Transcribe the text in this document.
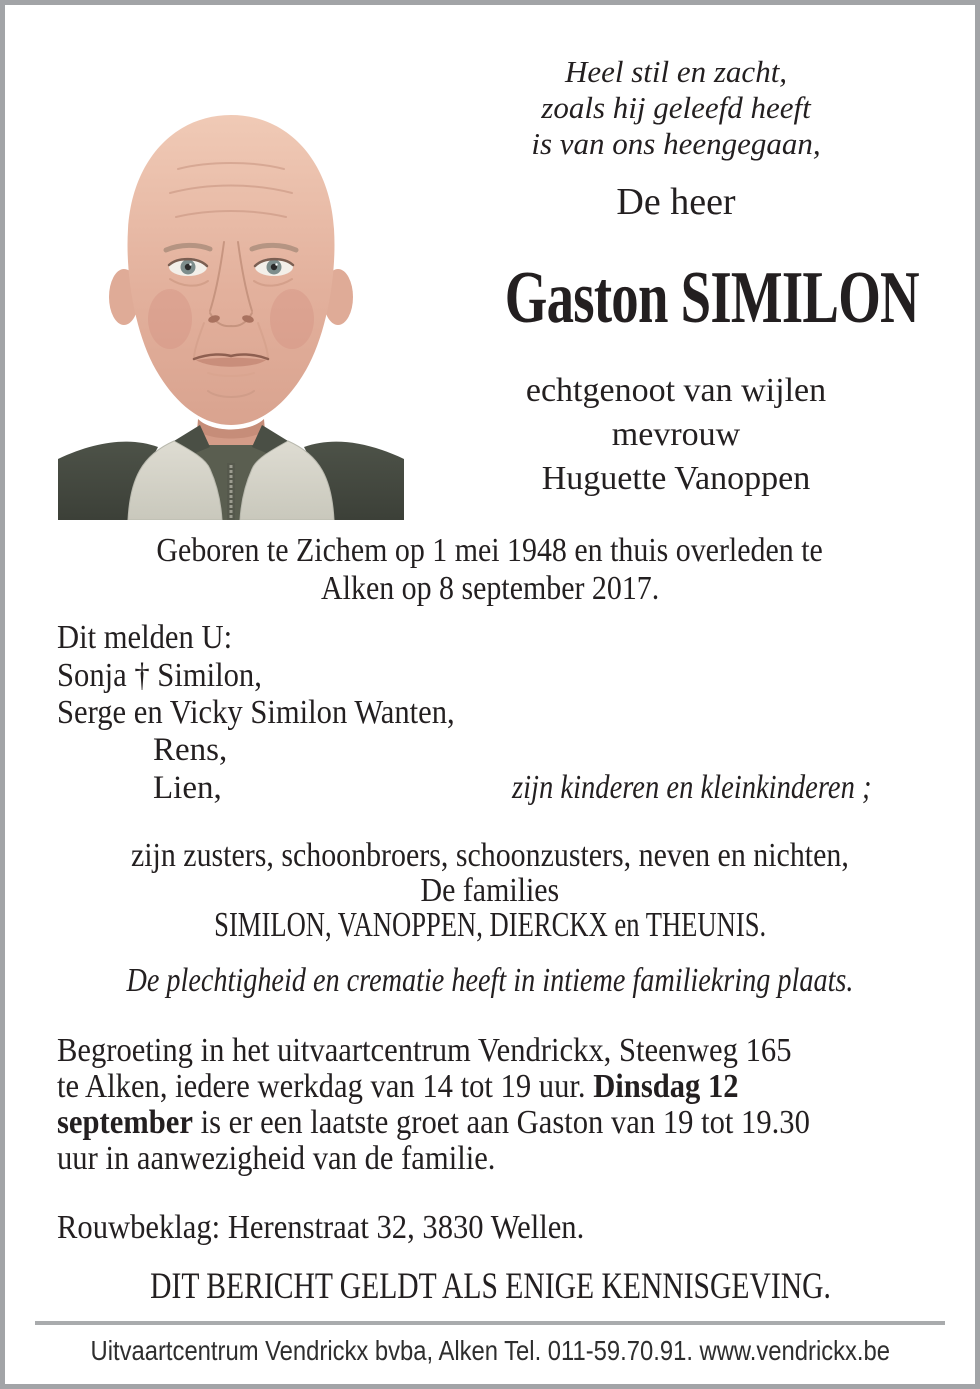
Heel stil en zacht,
zoals hij geleefd heeft
is van ons heengegaan,
De heer
Gaston SIMILON
echtgenoot van wijlen
mevrouw
Huguette Vanoppen
Geboren te Zichem op 1 mei 1948 en thuis overleden te
Alken op 8 september 2017.
Dit melden U:
Sonja † Similon,
Serge en Vicky Similon Wanten,
Rens,
Lien,	zijn kinderen en kleinkinderen ;
zijn zusters, schoonbroers, schoonzusters, neven en nichten,
De families
SIMILON, VANOPPEN, DIERCKX en THEUNIS.
De plechtigheid en crematie heeft in intieme familiekring plaats.
Begroeting in het uitvaartcentrum Vendrickx, Steenweg 165
te Alken, iedere werkdag van 14 tot 19 uur. Dinsdag 12
september is er een laatste groet aan Gaston van 19 tot 19.30
uur in aanwezigheid van de familie.
Rouwbeklag: Herenstraat 32, 3830 Wellen.
DIT BERICHT GELDT ALS ENIGE KENNISGEVING.
Uitvaartcentrum Vendrickx bvba, Alken Tel. 011-59.70.91. www.vendrickx.be
